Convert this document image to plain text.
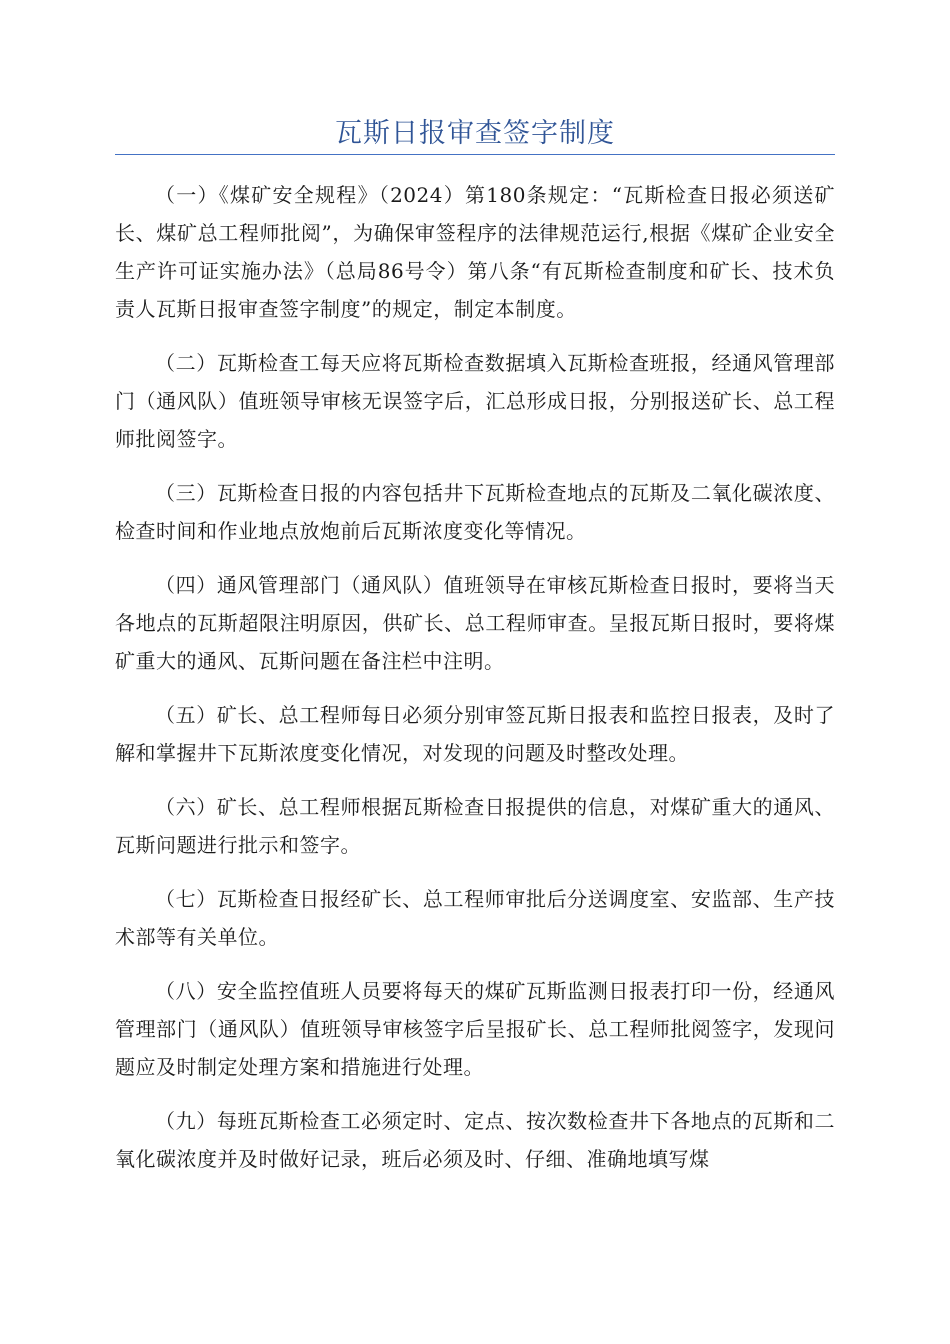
瓦斯日报审查签字制度

（一）《煤矿安全规程》（2024）第180条规定：“瓦斯检查日报必须送矿长、煤矿总工程师批阅”，为确保审签程序的法律规范运行,根据《煤矿企业安全生产许可证实施办法》（总局86号令）第八条“有瓦斯检查制度和矿长、技术负责人瓦斯日报审查签字制度”的规定，制定本制度。

（二）瓦斯检查工每天应将瓦斯检查数据填入瓦斯检查班报，经通风管理部门（通风队）值班领导审核无误签字后，汇总形成日报，分别报送矿长、总工程师批阅签字。

（三）瓦斯检查日报的内容包括井下瓦斯检查地点的瓦斯及二氧化碳浓度、检查时间和作业地点放炮前后瓦斯浓度变化等情况。

（四）通风管理部门（通风队）值班领导在审核瓦斯检查日报时，要将当天各地点的瓦斯超限注明原因，供矿长、总工程师审查。呈报瓦斯日报时，要将煤矿重大的通风、瓦斯问题在备注栏中注明。

（五）矿长、总工程师每日必须分别审签瓦斯日报表和监控日报表，及时了解和掌握井下瓦斯浓度变化情况，对发现的问题及时整改处理。

（六）矿长、总工程师根据瓦斯检查日报提供的信息，对煤矿重大的通风、瓦斯问题进行批示和签字。

（七）瓦斯检查日报经矿长、总工程师审批后分送调度室、安监部、生产技术部等有关单位。

（八）安全监控值班人员要将每天的煤矿瓦斯监测日报表打印一份，经通风管理部门（通风队）值班领导审核签字后呈报矿长、总工程师批阅签字，发现问题应及时制定处理方案和措施进行处理。

（九）每班瓦斯检查工必须定时、定点、按次数检查井下各地点的瓦斯和二氧化碳浓度并及时做好记录，班后必须及时、仔细、准确地填写煤
